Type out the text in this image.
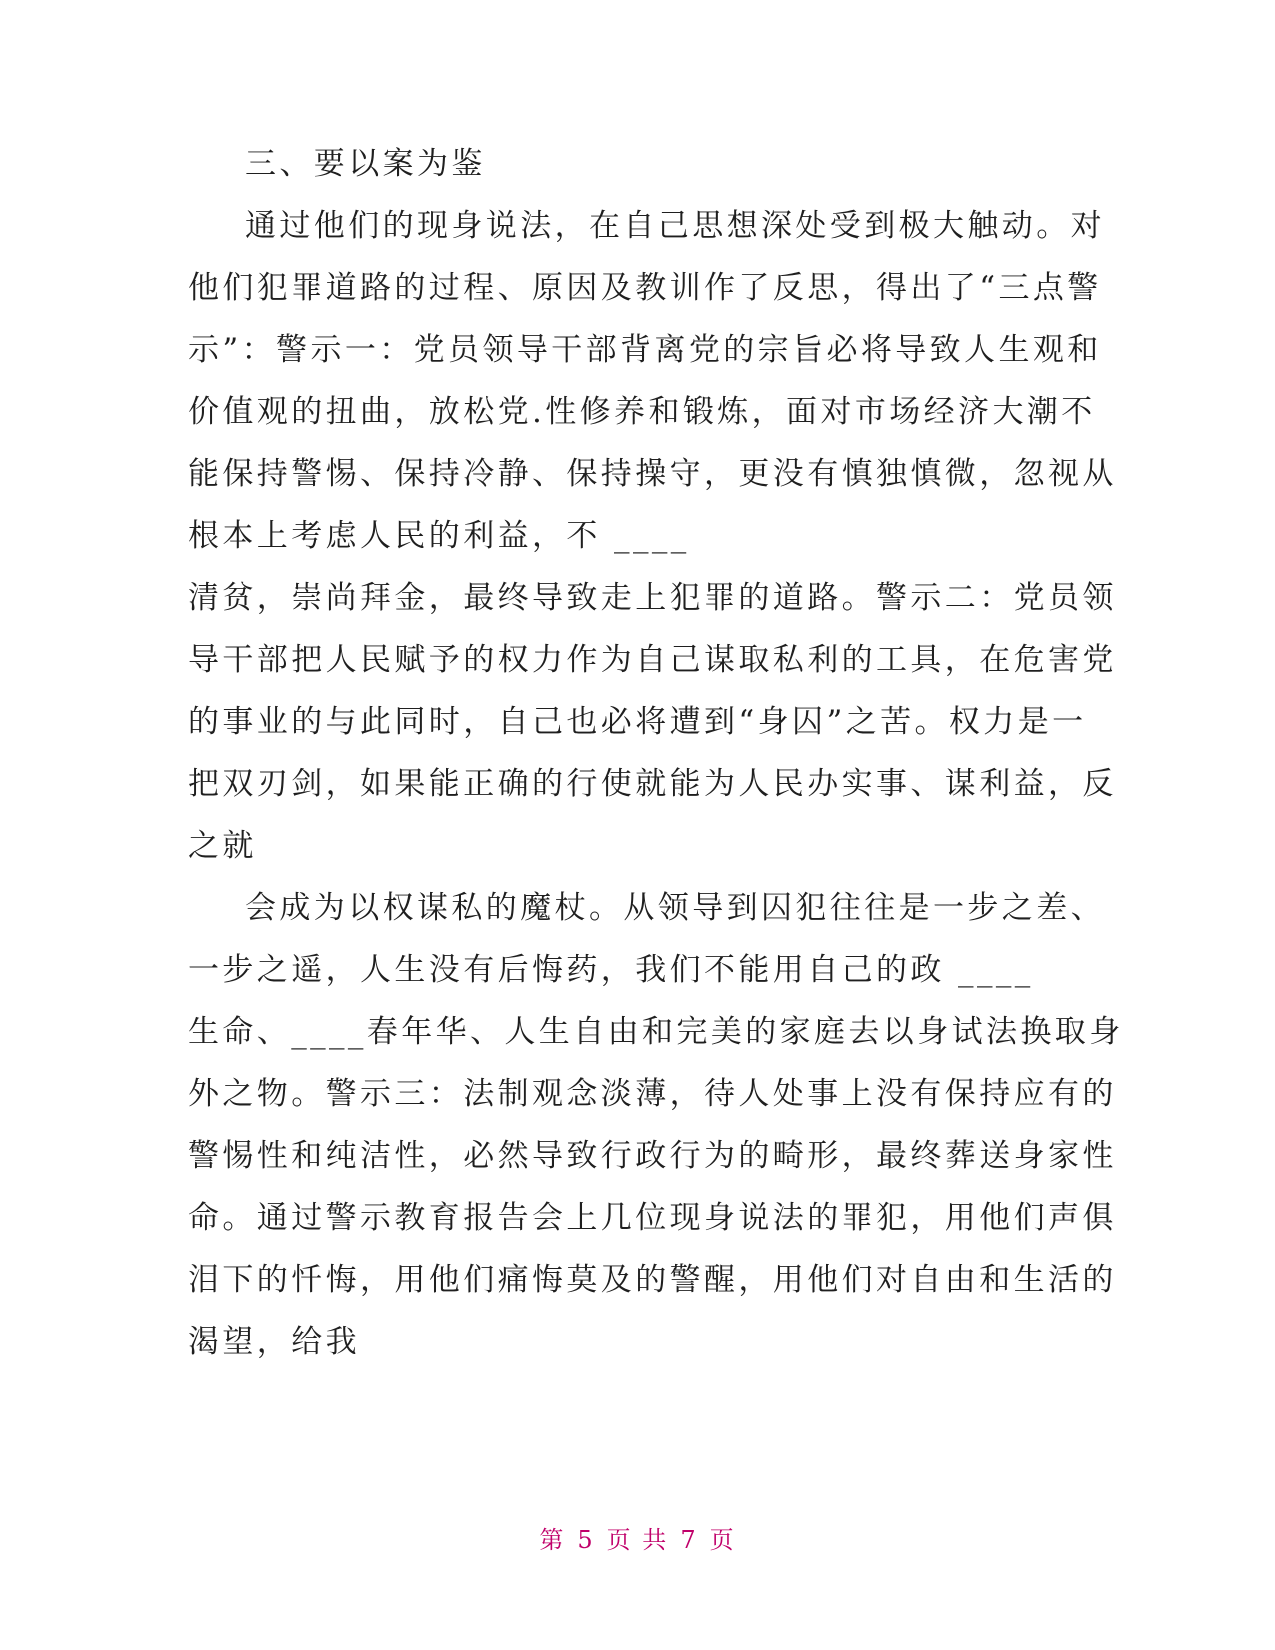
三、要以案为鉴
通过他们的现身说法，在自己思想深处受到极大触动。对
他们犯罪道路的过程、原因及教训作了反思，得出了“三点警
示”：警示一：党员领导干部背离党的宗旨必将导致人生观和
价值观的扭曲，放松党.性修养和锻炼，面对市场经济大潮不
能保持警惕、保持冷静、保持操守，更没有慎独慎微，忽视从
根本上考虑人民的利益，不 ____
清贫，崇尚拜金，最终导致走上犯罪的道路。警示二：党员领
导干部把人民赋予的权力作为自己谋取私利的工具，在危害党
的事业的与此同时，自己也必将遭到“身囚”之苦。权力是一
把双刃剑，如果能正确的行使就能为人民办实事、谋利益，反
之就
会成为以权谋私的魔杖。从领导到囚犯往往是一步之差、
一步之遥，人生没有后悔药，我们不能用自己的政 ____
生命、____春年华、人生自由和完美的家庭去以身试法换取身
外之物。警示三：法制观念淡薄，待人处事上没有保持应有的
警惕性和纯洁性，必然导致行政行为的畸形，最终葬送身家性
命。通过警示教育报告会上几位现身说法的罪犯，用他们声俱
泪下的忏悔，用他们痛悔莫及的警醒，用他们对自由和生活的
渴望，给我
第 5 页 共 7 页
